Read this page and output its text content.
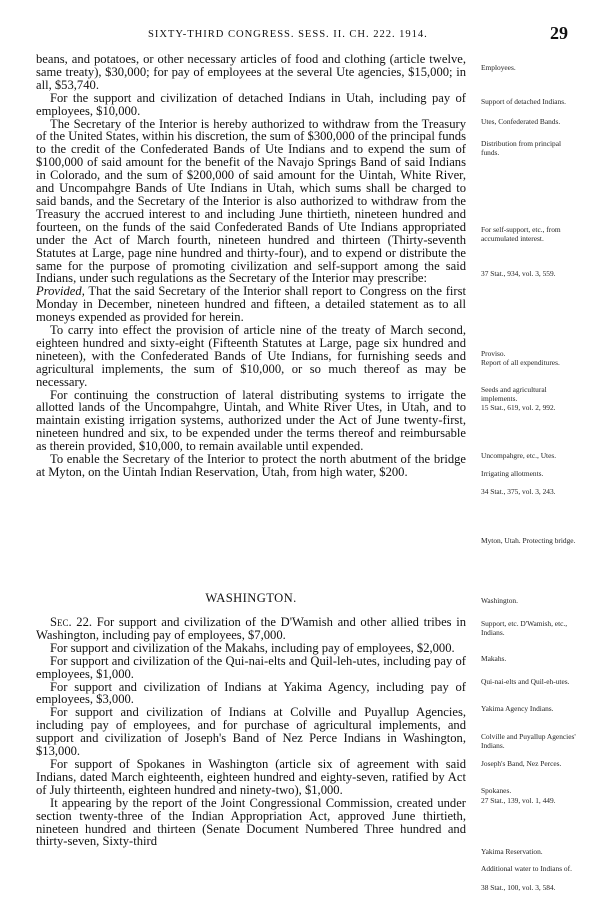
SIXTY-THIRD CONGRESS. SESS. II. CH. 222. 1914.	29
beans, and potatoes, or other necessary articles of food and clothing (article twelve, same treaty), $30,000; for pay of employees at the several Ute agencies, $15,000; in all, $53,740.
For the support and civilization of detached Indians in Utah, including pay of employees, $10,000.
The Secretary of the Interior is hereby authorized to withdraw from the Treasury of the United States, within his discretion, the sum of $300,000 of the principal funds to the credit of the Confederated Bands of Ute Indians and to expend the sum of $100,000 of said amount for the benefit of the Navajo Springs Band of said Indians in Colorado, and the sum of $200,000 of said amount for the Uintah, White River, and Uncompahgre Bands of Ute Indians in Utah, which sums shall be charged to said bands, and the Secretary of the Interior is also authorized to withdraw from the Treasury the accrued interest to and including June thirtieth, nineteen hundred and fourteen, on the funds of the said Confederated Bands of Ute Indians appropriated under the Act of March fourth, nineteen hundred and thirteen (Thirty-seventh Statutes at Large, page nine hundred and thirty-four), and to expend or distribute the same for the purpose of promoting civilization and self-support among the said Indians, under such regulations as the Secretary of the Interior may prescribe:
Provided, That the said Secretary of the Interior shall report to Congress on the first Monday in December, nineteen hundred and fifteen, a detailed statement as to all moneys expended as provided for herein.
To carry into effect the provision of article nine of the treaty of March second, eighteen hundred and sixty-eight (Fifteenth Statutes at Large, page six hundred and nineteen), with the Confederated Bands of Ute Indians, for furnishing seeds and agricultural implements, the sum of $10,000, or so much thereof as may be necessary.
For continuing the construction of lateral distributing systems to irrigate the allotted lands of the Uncompahgre, Uintah, and White River Utes, in Utah, and to maintain existing irrigation systems, authorized under the Act of June twenty-first, nineteen hundred and six, to be expended under the terms thereof and reimbursable as therein provided, $10,000, to remain available until expended.
To enable the Secretary of the Interior to protect the north abutment of the bridge at Myton, on the Uintah Indian Reservation, Utah, from high water, $200.
WASHINGTON.
Sec. 22. For support and civilization of the D'Wamish and other allied tribes in Washington, including pay of employees, $7,000.
For support and civilization of the Makahs, including pay of employees, $2,000.
For support and civilization of the Qui-nai-elts and Quil-leh-utes, including pay of employees, $1,000.
For support and civilization of Indians at Yakima Agency, including pay of employees, $3,000.
For support and civilization of Indians at Colville and Puyallup Agencies, including pay of employees, and for purchase of agricultural implements, and support and civilization of Joseph's Band of Nez Perce Indians in Washington, $13,000.
For support of Spokanes in Washington (article six of agreement with said Indians, dated March eighteenth, eighteen hundred and eighty-seven, ratified by Act of July thirteenth, eighteen hundred and ninety-two), $1,000.
It appearing by the report of the Joint Congressional Commission, created under section twenty-three of the Indian Appropriation Act, approved June thirtieth, nineteen hundred and thirteen (Senate Document Numbered Three hundred and thirty-seven, Sixty-third
Employees.
Support of detached Indians.
Utes, Confederated Bands.
Distribution from principal funds.
For self-support, etc., from accumulated interest.
37 Stat., 934, vol. 3, 559.
Proviso.
Report of all expenditures.
Seeds and agricultural implements.
15 Stat., 619, vol. 2, 992.
Uncompahgre, etc., Utes.
Irrigating allotments.
34 Stat., 375, vol. 3, 243.
Myton, Utah. Protecting bridge.
Washington.
Support, etc. D'Wamish, etc., Indians.
Makahs.
Qui-nai-elts and Quil-eh-utes.
Yakima Agency Indians.
Colville and Puyallup Agencies' Indians.
Joseph's Band, Nez Perces.
Spokanes.
27 Stat., 139, vol. 1, 449.
Yakima Reservation.
Additional water to Indians of.
38 Stat., 100, vol. 3, 584.
